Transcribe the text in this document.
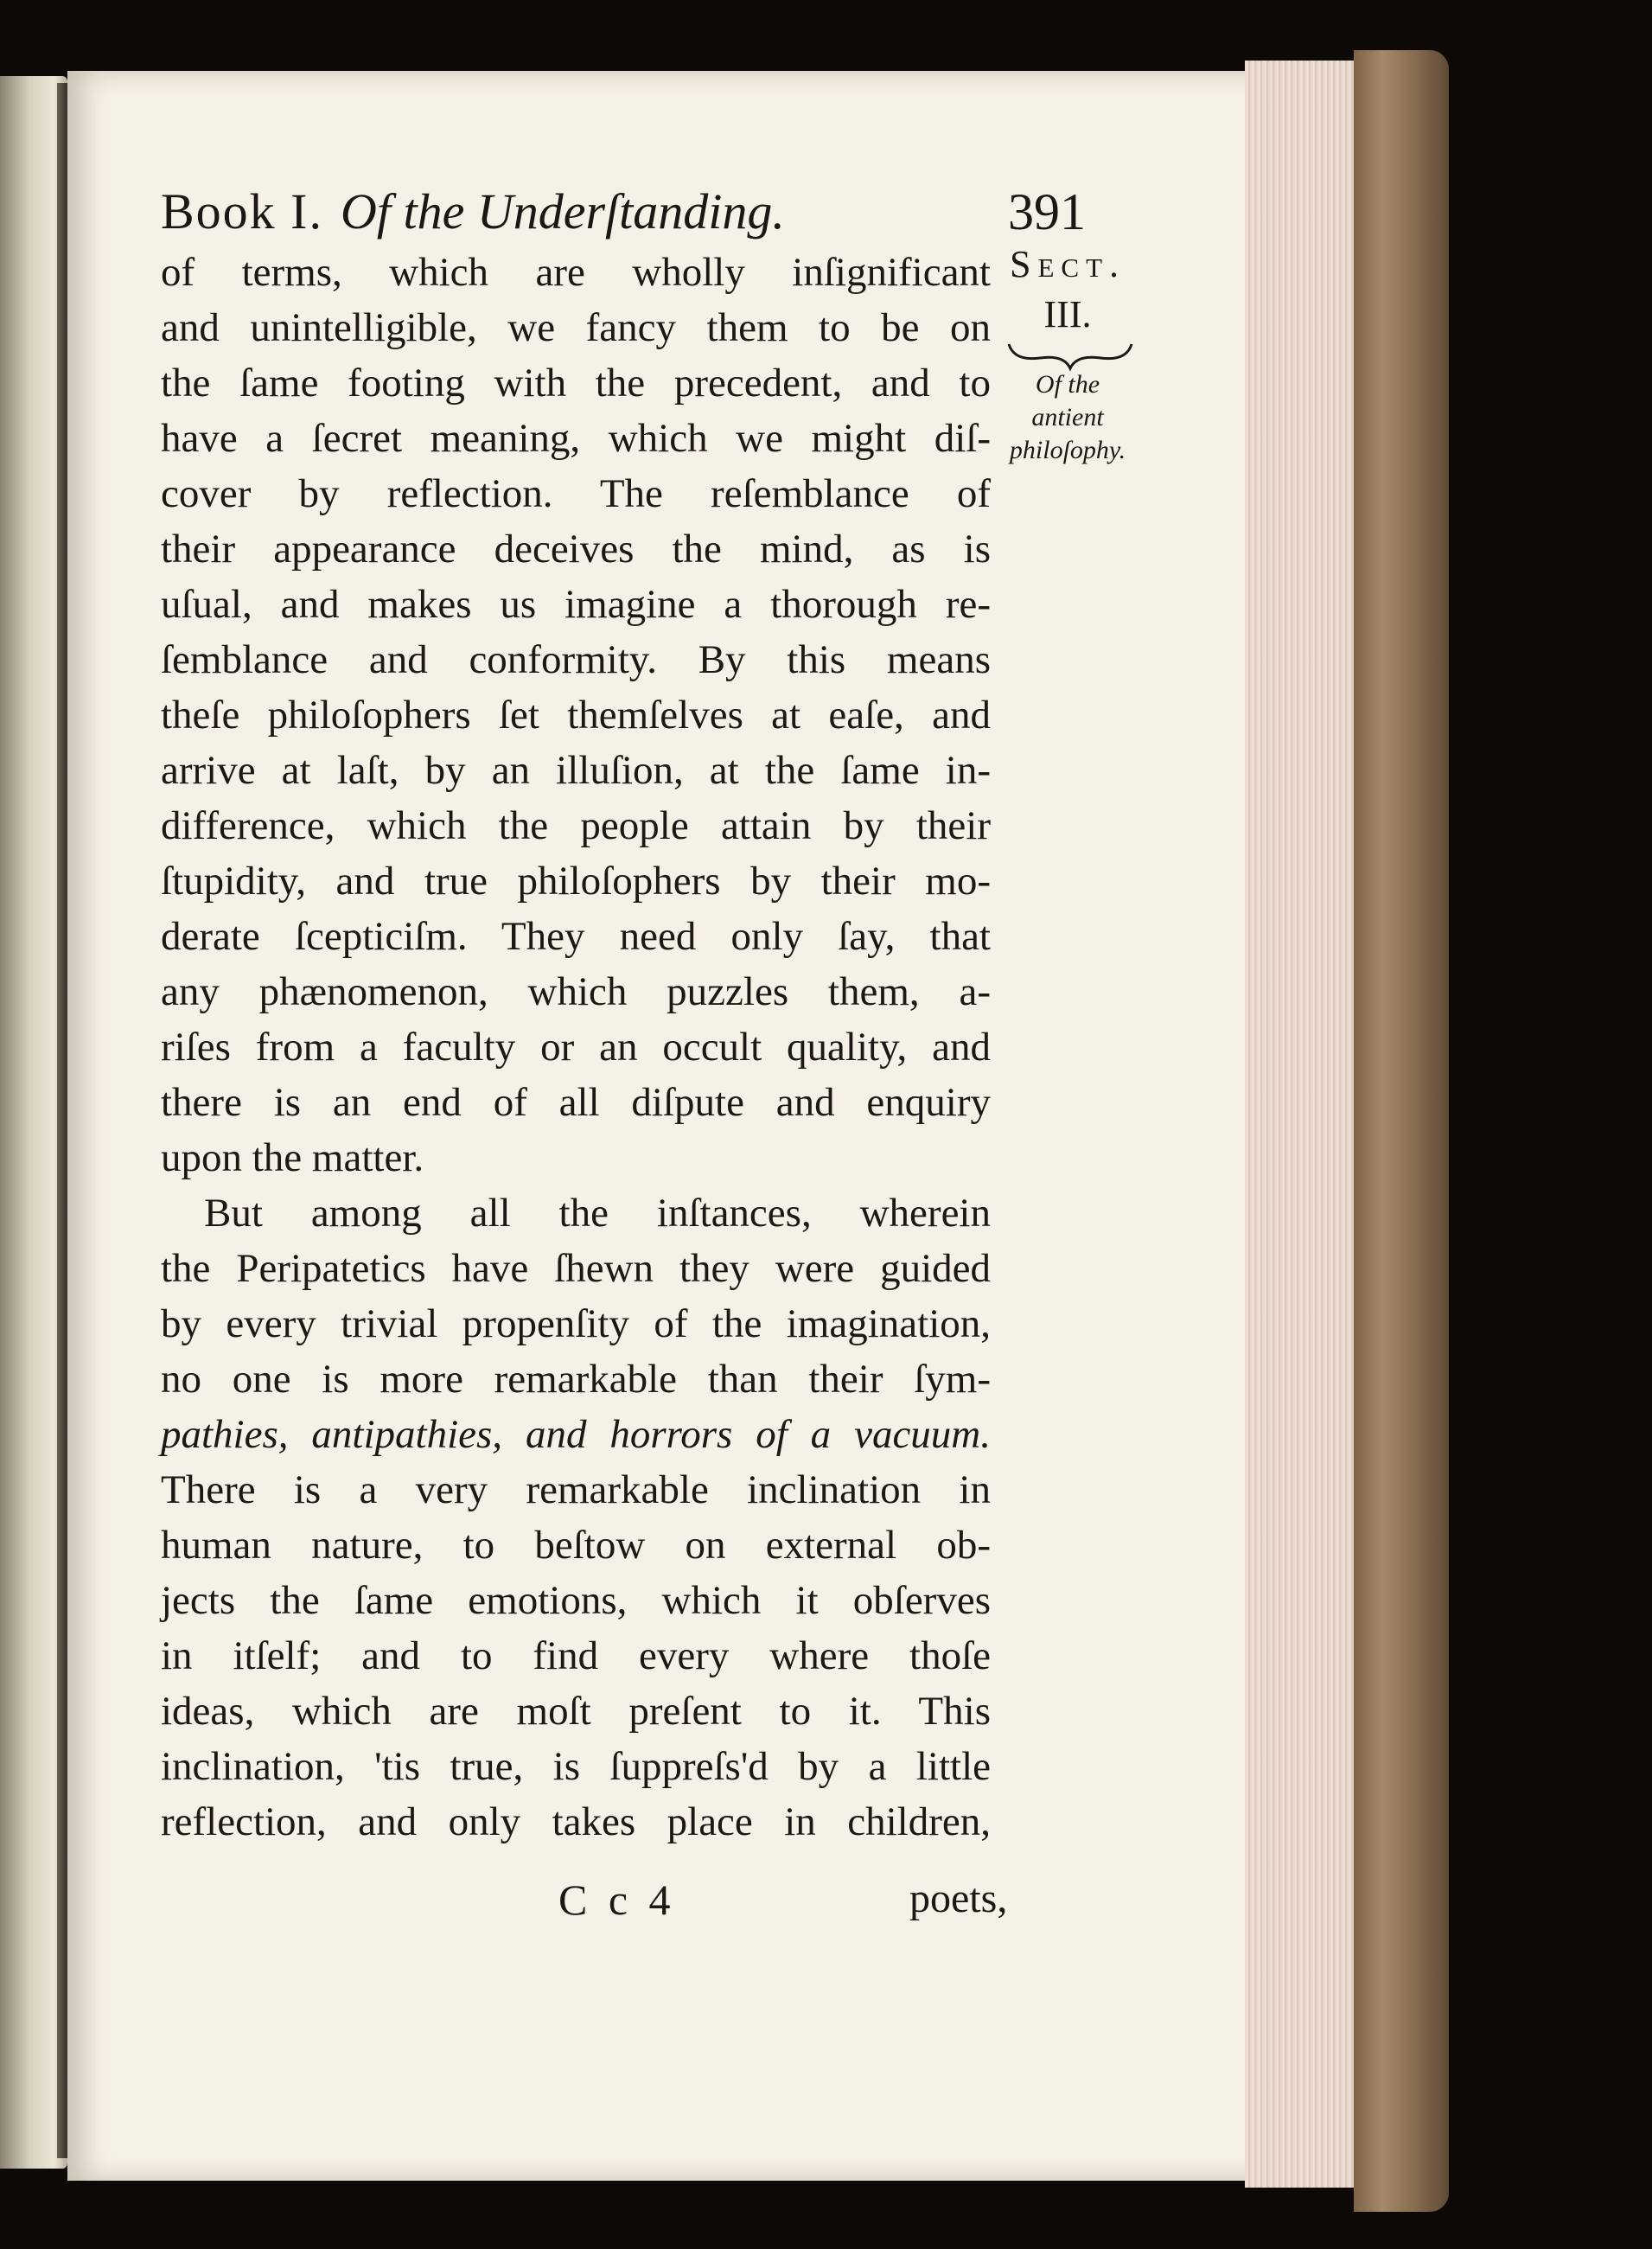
Book I. Of the Underſtanding.	391
Sect.
III.
Of the
antient
philoſophy.
of terms, which are wholly inſignificant
and unintelligible, we fancy them to be on
the ſame footing with the precedent, and to
have a ſecret meaning, which we might diſ-
cover by reflection. The reſemblance of
their appearance deceives the mind, as is
uſual, and makes us imagine a thorough re-
ſemblance and conformity. By this means
theſe philoſophers ſet themſelves at eaſe, and
arrive at laſt, by an illuſion, at the ſame in-
difference, which the people attain by their
ſtupidity, and true philoſophers by their mo-
derate ſcepticiſm. They need only ſay, that
any phænomenon, which puzzles them, a-
riſes from a faculty or an occult quality, and
there is an end of all diſpute and enquiry
upon the matter.
But among all the inſtances, wherein
the Peripatetics have ſhewn they were guided
by every trivial propenſity of the imagination,
no one is more remarkable than their ſym-
pathies, antipathies, and horrors of a vacuum.
There is a very remarkable inclination in
human nature, to beſtow on external ob-
jects the ſame emotions, which it obſerves
in itſelf; and to find every where thoſe
ideas, which are moſt preſent to it. This
inclination, 'tis true, is ſuppreſs'd by a little
reflection, and only takes place in children,
C c 4	poets,
